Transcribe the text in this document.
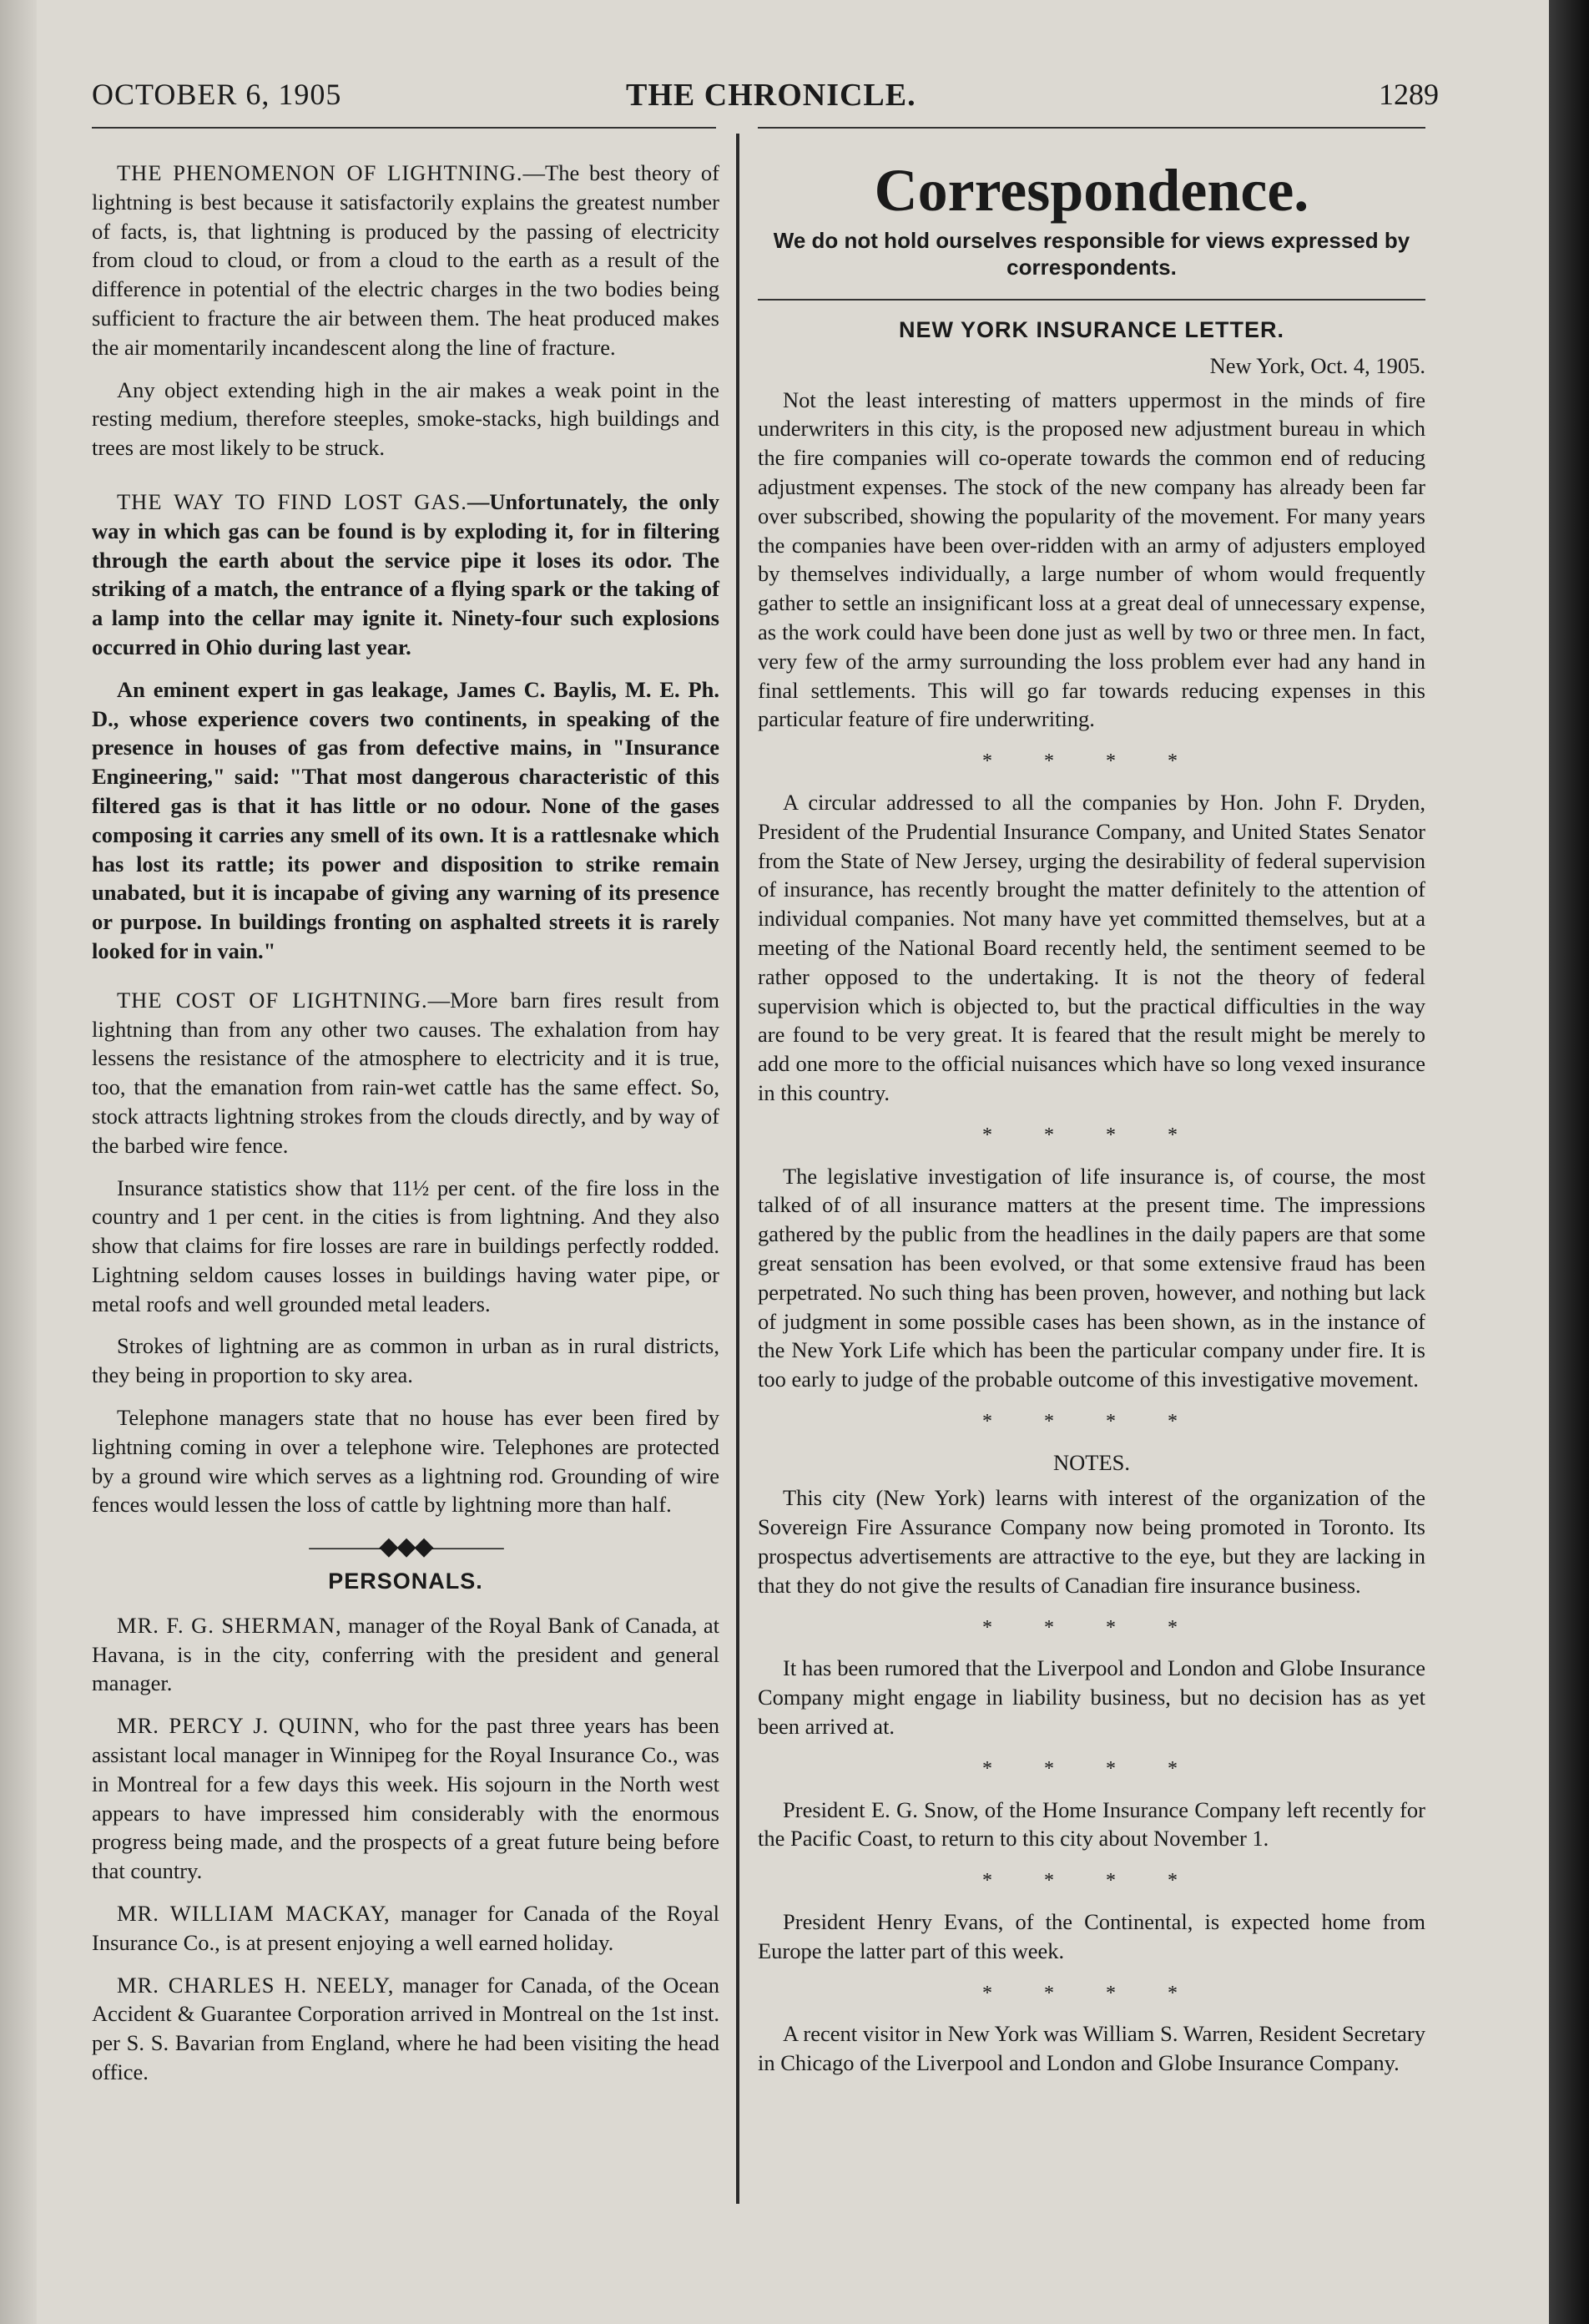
OCTOBER 6, 1905	THE CHRONICLE.	1289

THE PHENOMENON OF LIGHTNING.—The best theory of lightning is best because it satisfactorily explains the greatest number of facts, is, that lightning is produced by the passing of electricity from cloud to cloud, or from a cloud to the earth as a result of the difference in potential of the electric charges in the two bodies being sufficient to fracture the air between them. The heat produced makes the air momentarily incandescent along the line of fracture.

Any object extending high in the air makes a weak point in the resting medium, therefore steeples, smoke-stacks, high buildings and trees are most likely to be struck.

THE WAY TO FIND LOST GAS.—Unfortunately, the only way in which gas can be found is by exploding it, for in filtering through the earth about the service pipe it loses its odor. The striking of a match, the entrance of a flying spark or the taking of a lamp into the cellar may ignite it. Ninety-four such explosions occurred in Ohio during last year.

An eminent expert in gas leakage, James C. Baylis, M. E. Ph. D., whose experience covers two continents, in speaking of the presence in houses of gas from defective mains, in "Insurance Engineering," said: "That most dangerous characteristic of this filtered gas is that it has little or no odour. None of the gases composing it carries any smell of its own. It is a rattlesnake which has lost its rattle; its power and disposition to strike remain unabated, but it is incapabe of giving any warning of its presence or purpose. In buildings fronting on asphalted streets it is rarely looked for in vain."

THE COST OF LIGHTNING.—More barn fires result from lightning than from any other two causes. The exhalation from hay lessens the resistance of the atmosphere to electricity and it is true, too, that the emanation from rain-wet cattle has the same effect. So, stock attracts lightning strokes from the clouds directly, and by way of the barbed wire fence.

Insurance statistics show that 11½ per cent. of the fire loss in the country and 1 per cent. in the cities is from lightning. And they also show that claims for fire losses are rare in buildings perfectly rodded. Lightning seldom causes losses in buildings having water pipe, or metal roofs and well grounded metal leaders.

Strokes of lightning are as common in urban as in rural districts, they being in proportion to sky area.

Telephone managers state that no house has ever been fired by lightning coming in over a telephone wire. Telephones are protected by a ground wire which serves as a lightning rod. Grounding of wire fences would lessen the loss of cattle by lightning more than half.

———◆◆◆———
PERSONALS.

MR. F. G. SHERMAN, manager of the Royal Bank of Canada, at Havana, is in the city, conferring with the president and general manager.

MR. PERCY J. QUINN, who for the past three years has been assistant local manager in Winnipeg for the Royal Insurance Co., was in Montreal for a few days this week. His sojourn in the North west appears to have impressed him considerably with the enormous progress being made, and the prospects of a great future being before that country.

MR. WILLIAM MACKAY, manager for Canada of the Royal Insurance Co., is at present enjoying a well earned holiday.

MR. CHARLES H. NEELY, manager for Canada, of the Ocean Accident & Guarantee Corporation arrived in Montreal on the 1st inst. per S. S. Bavarian from England, where he had been visiting the head office.

Correspondence.
We do not hold ourselves responsible for views expressed by correspondents.
NEW YORK INSURANCE LETTER.
New York, Oct. 4, 1905.

Not the least interesting of matters uppermost in the minds of fire underwriters in this city, is the proposed new adjustment bureau in which the fire companies will co-operate towards the common end of reducing adjustment expenses. The stock of the new company has already been far over subscribed, showing the popularity of the movement. For many years the companies have been over-ridden with an army of adjusters employed by themselves individually, a large number of whom would frequently gather to settle an insignificant loss at a great deal of unnecessary expense, as the work could have been done just as well by two or three men. In fact, very few of the army surrounding the loss problem ever had any hand in final settlements. This will go far towards reducing expenses in this particular feature of fire underwriting.

* * * *

A circular addressed to all the companies by Hon. John F. Dryden, President of the Prudential Insurance Company, and United States Senator from the State of New Jersey, urging the desirability of federal supervision of insurance, has recently brought the matter definitely to the attention of individual companies. Not many have yet committed themselves, but at a meeting of the National Board recently held, the sentiment seemed to be rather opposed to the undertaking. It is not the theory of federal supervision which is objected to, but the practical difficulties in the way are found to be very great. It is feared that the result might be merely to add one more to the official nuisances which have so long vexed insurance in this country.

* * * *

The legislative investigation of life insurance is, of course, the most talked of of all insurance matters at the present time. The impressions gathered by the public from the headlines in the daily papers are that some great sensation has been evolved, or that some extensive fraud has been perpetrated. No such thing has been proven, however, and nothing but lack of judgment in some possible cases has been shown, as in the instance of the New York Life which has been the particular company under fire. It is too early to judge of the probable outcome of this investigative movement.

* * * *
NOTES.

This city (New York) learns with interest of the organization of the Sovereign Fire Assurance Company now being promoted in Toronto. Its prospectus advertisements are attractive to the eye, but they are lacking in that they do not give the results of Canadian fire insurance business.

* * * *

It has been rumored that the Liverpool and London and Globe Insurance Company might engage in liability business, but no decision has as yet been arrived at.

* * * *

President E. G. Snow, of the Home Insurance Company left recently for the Pacific Coast, to return to this city about November 1.

* * * *

President Henry Evans, of the Continental, is expected home from Europe the latter part of this week.

* * * *

A recent visitor in New York was William S. Warren, Resident Secretary in Chicago of the Liverpool and London and Globe Insurance Company.
